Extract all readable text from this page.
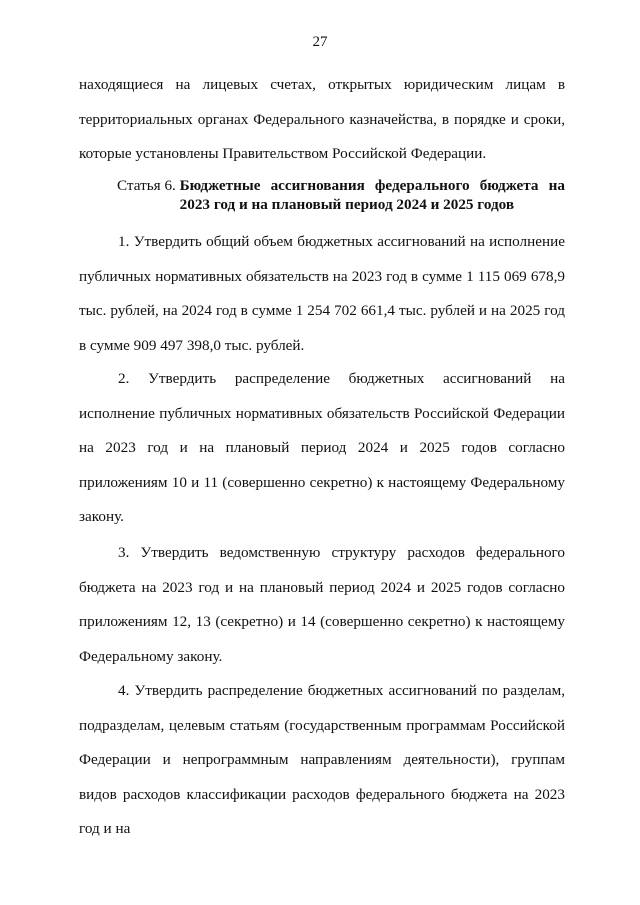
27

находящиеся на лицевых счетах, открытых юридическим лицам в территориальных органах Федерального казначейства, в порядке и сроки, которые установлены Правительством Российской Федерации.

Статья 6.
Бюджетные ассигнования федерального бюджета на
2023 год и на плановый период 2024 и 2025 годов

1. Утвердить общий объем бюджетных ассигнований на исполнение публичных нормативных обязательств на 2023 год в сумме 1 115 069 678,9 тыс. рублей, на 2024 год в сумме 1 254 702 661,4 тыс. рублей и на 2025 год в сумме 909 497 398,0 тыс. рублей.

2. Утвердить распределение бюджетных ассигнований на исполнение публичных нормативных обязательств Российской Федерации на 2023 год и на плановый период 2024 и 2025 годов согласно приложениям 10 и 11 (совершенно секретно) к настоящему Федеральному закону.

3. Утвердить ведомственную структуру расходов федерального бюджета на 2023 год и на плановый период 2024 и 2025 годов согласно приложениям 12, 13 (секретно) и 14 (совершенно секретно) к настоящему Федеральному закону.

4. Утвердить распределение бюджетных ассигнований по разделам, подразделам, целевым статьям (государственным программам Российской Федерации и непрограммным направлениям деятельности), группам видов расходов классификации расходов федерального бюджета на 2023 год и на
